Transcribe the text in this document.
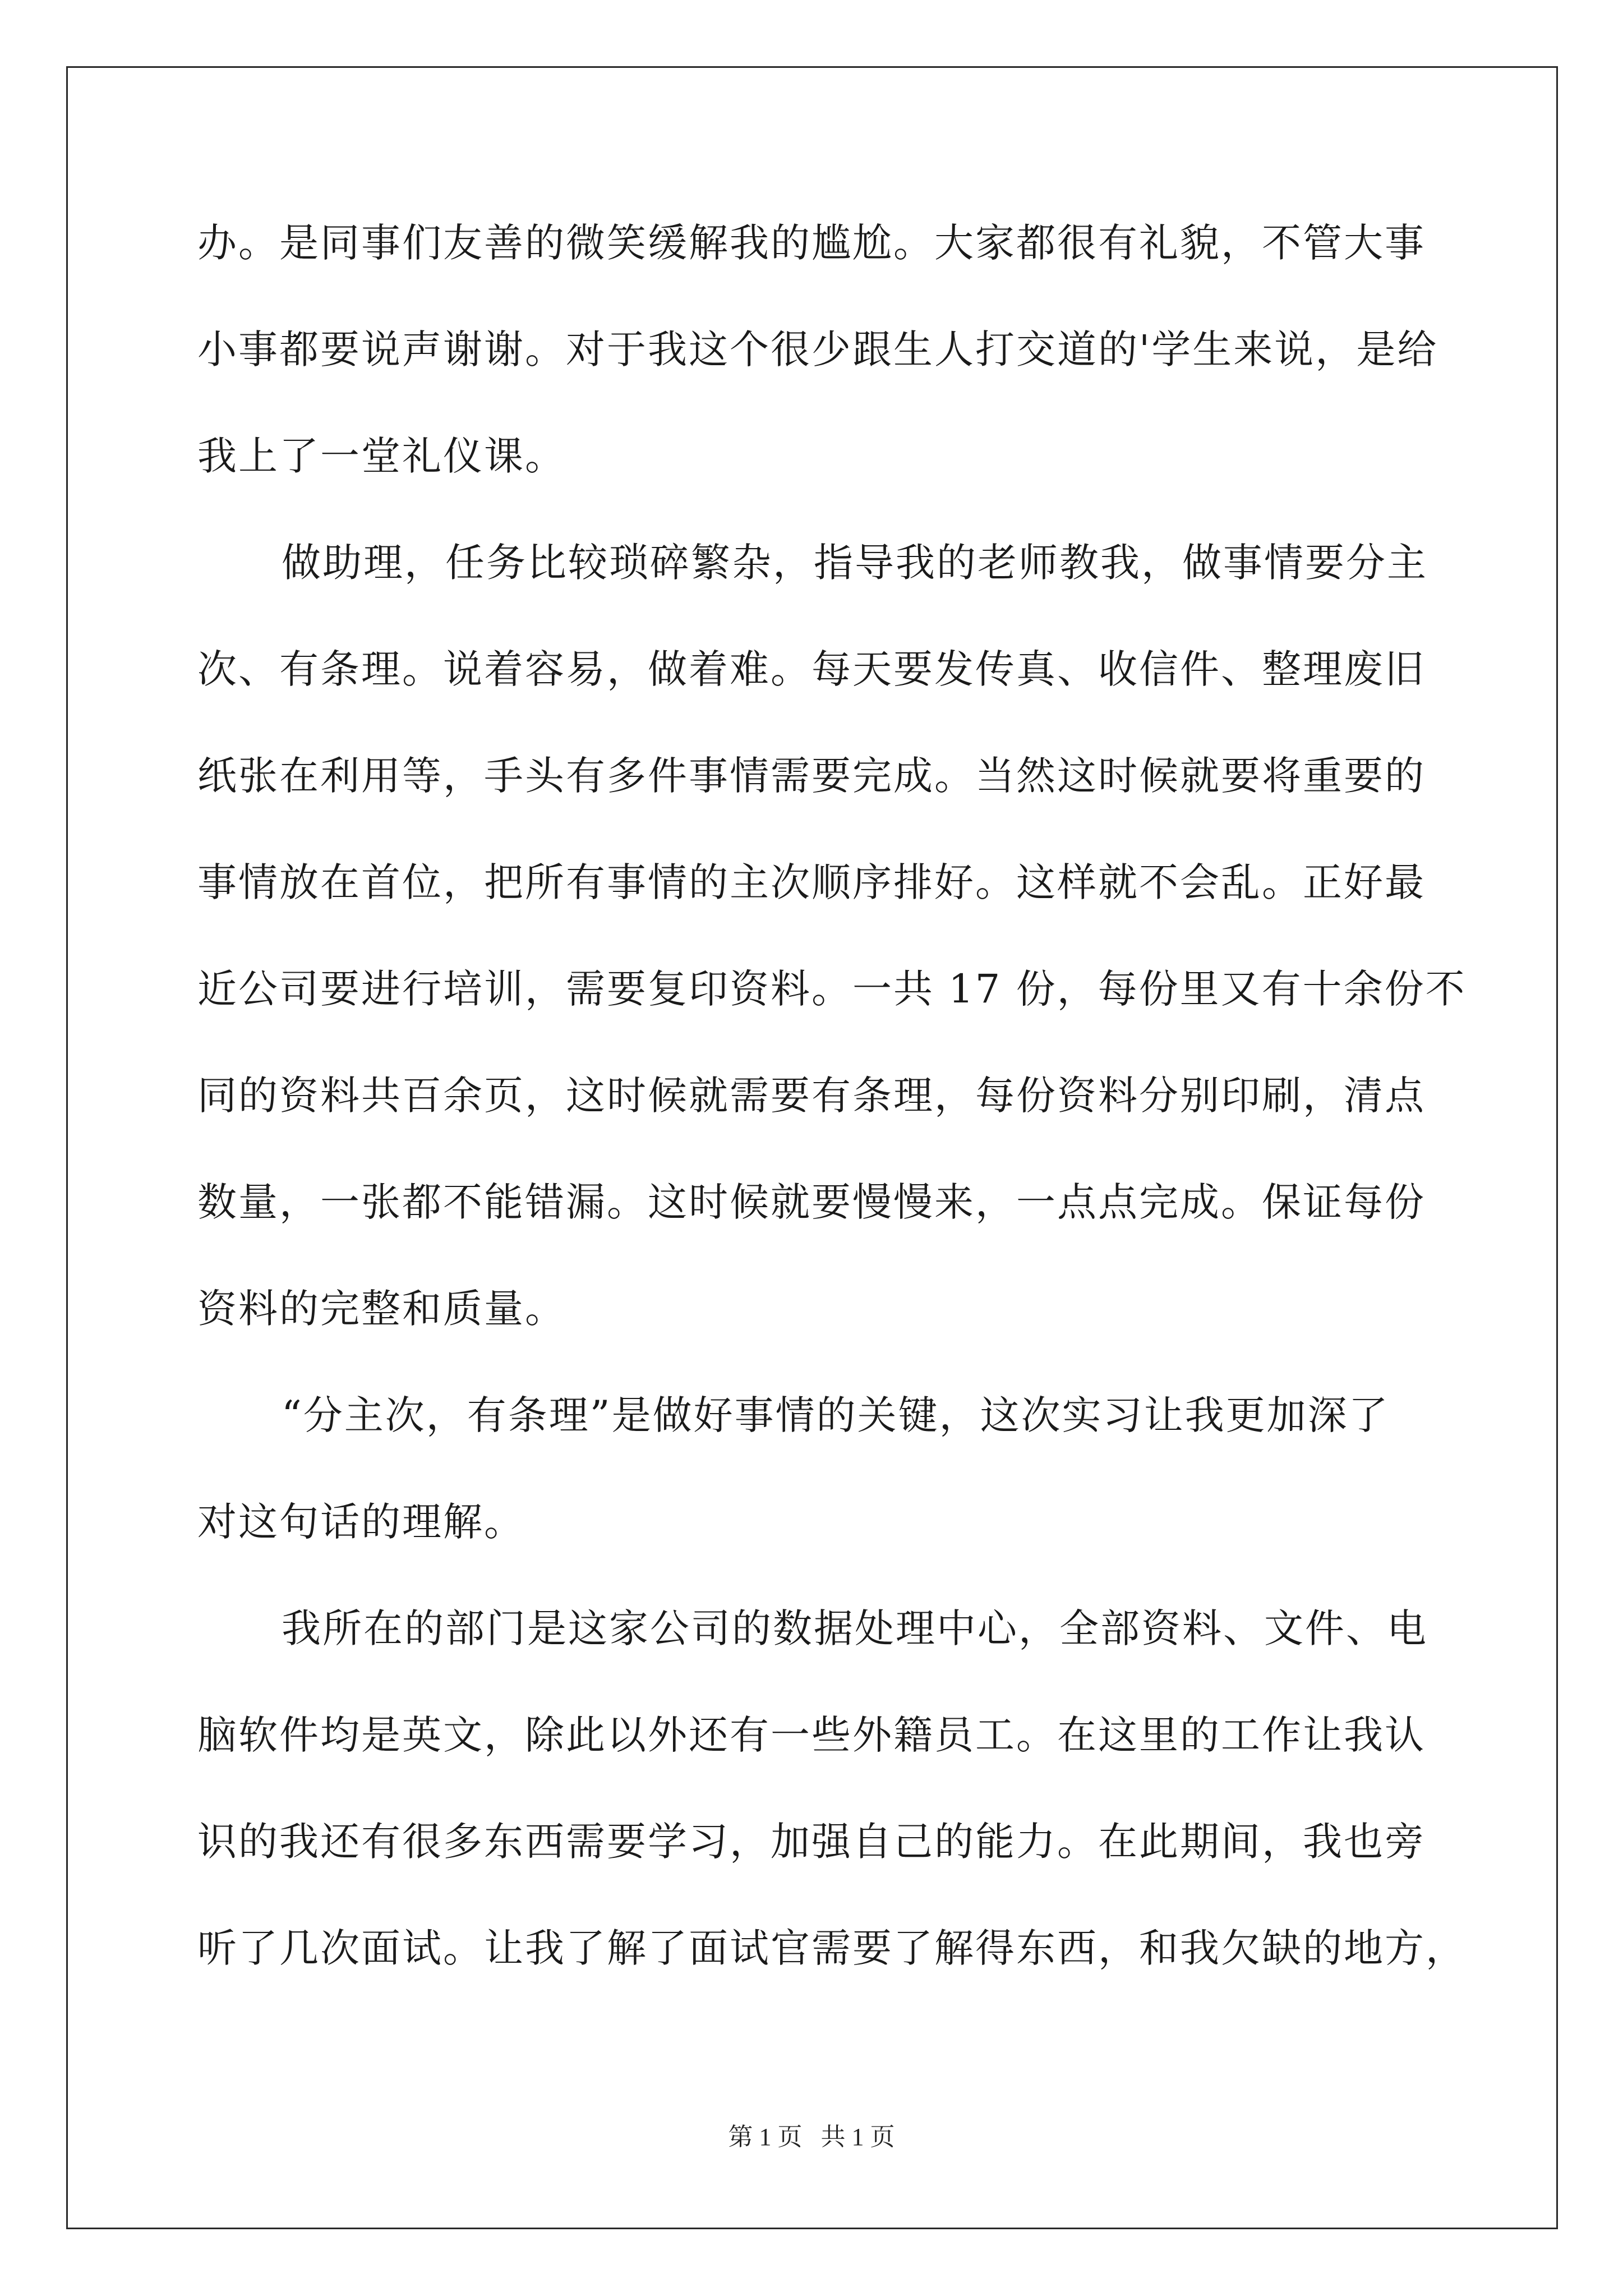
办。是同事们友善的微笑缓解我的尴尬。大家都很有礼貌，不管大事
小事都要说声谢谢。对于我这个很少跟生人打交道的'学生来说，是给
我上了一堂礼仪课。
做助理，任务比较琐碎繁杂，指导我的老师教我，做事情要分主
次、有条理。说着容易，做着难。每天要发传真、收信件、整理废旧
纸张在利用等，手头有多件事情需要完成。当然这时候就要将重要的
事情放在首位，把所有事情的主次顺序排好。这样就不会乱。正好最
近公司要进行培训，需要复印资料。一共 17 份，每份里又有十余份不
同的资料共百余页，这时候就需要有条理，每份资料分别印刷，清点
数量，一张都不能错漏。这时候就要慢慢来，一点点完成。保证每份
资料的完整和质量。
“分主次，有条理”是做好事情的关键，这次实习让我更加深了
对这句话的理解。
我所在的部门是这家公司的数据处理中心，全部资料、文件、电
脑软件均是英文，除此以外还有一些外籍员工。在这里的工作让我认
识的我还有很多东西需要学习，加强自己的能力。在此期间，我也旁
听了几次面试。让我了解了面试官需要了解得东西，和我欠缺的地方，
第 1 页 共 1 页
